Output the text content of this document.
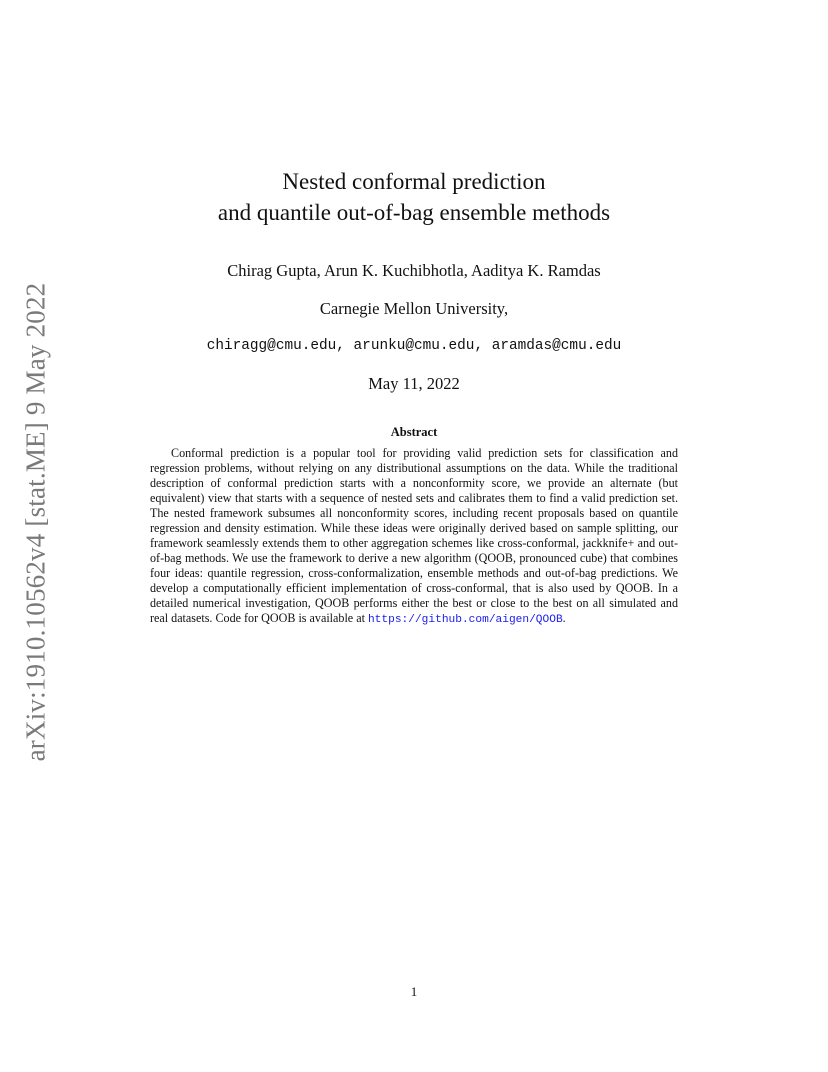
arXiv:1910.10562v4 [stat.ME] 9 May 2022
Nested conformal prediction
and quantile out-of-bag ensemble methods
Chirag Gupta, Arun K. Kuchibhotla, Aaditya K. Ramdas
Carnegie Mellon University,
chiragg@cmu.edu, arunku@cmu.edu, aramdas@cmu.edu
May 11, 2022
Abstract

Conformal prediction is a popular tool for providing valid prediction sets for classification and regression problems, without relying on any distributional assumptions on the data. While the traditional description of conformal prediction starts with a nonconformity score, we provide an alternate (but equivalent) view that starts with a sequence of nested sets and calibrates them to find a valid prediction set. The nested framework subsumes all nonconformity scores, including recent proposals based on quantile regression and density estimation. While these ideas were originally derived based on sample splitting, our framework seamlessly extends them to other aggregation schemes like cross-conformal, jackknife+ and out-of-bag methods. We use the framework to derive a new algorithm (QOOB, pronounced cube) that combines four ideas: quantile regression, cross-conformalization, ensemble methods and out-of-bag predictions. We develop a computationally efficient implementation of cross-conformal, that is also used by QOOB. In a detailed numerical investigation, QOOB performs either the best or close to the best on all simulated and real datasets. Code for QOOB is available at https://github.com/aigen/QOOB.

1
